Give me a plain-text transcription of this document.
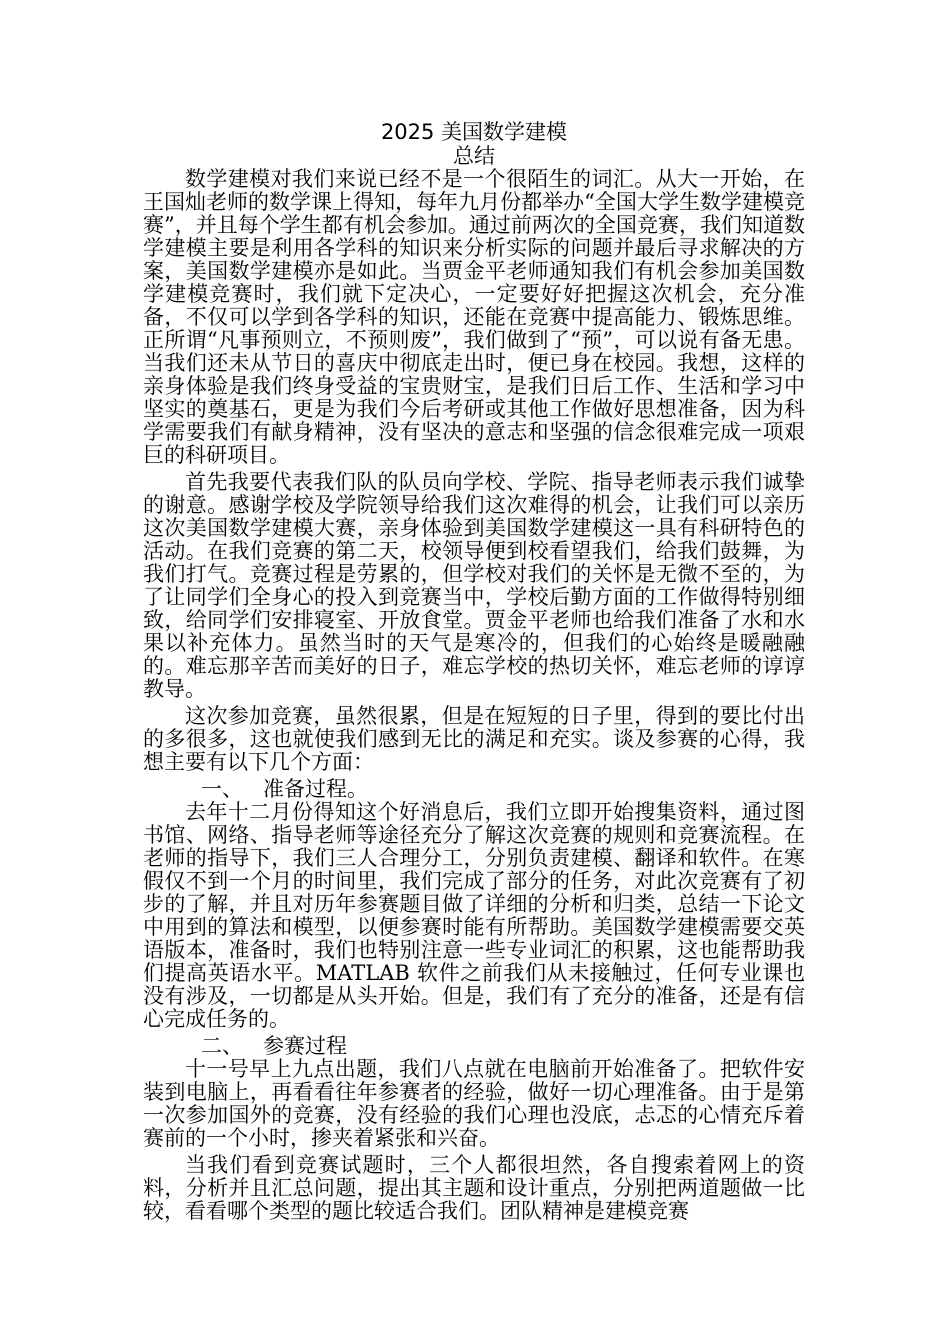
2025 美国数学建模
总结

数学建模对我们来说已经不是一个很陌生的词汇。从大一开始，在王国灿老师的数学课上得知，每年九月份都举办“全国大学生数学建模竞赛”，并且每个学生都有机会参加。通过前两次的全国竞赛，我们知道数学建模主要是利用各学科的知识来分析实际的问题并最后寻求解决的方案，美国数学建模亦是如此。当贾金平老师通知我们有机会参加美国数学建模竞赛时，我们就下定决心，一定要好好把握这次机会，充分准备，不仅可以学到各学科的知识，还能在竞赛中提高能力、锻炼思维。正所谓“凡事预则立，不预则废”，我们做到了“预”，可以说有备无患。当我们还未从节日的喜庆中彻底走出时，便已身在校园。我想，这样的亲身体验是我们终身受益的宝贵财宝，是我们日后工作、生活和学习中坚实的奠基石，更是为我们今后考研或其他工作做好思想准备，因为科学需要我们有献身精神，没有坚决的意志和坚强的信念很难完成一项艰巨的科研项目。

首先我要代表我们队的队员向学校、学院、指导老师表示我们诚挚的谢意。感谢学校及学院领导给我们这次难得的机会，让我们可以亲历这次美国数学建模大赛，亲身体验到美国数学建模这一具有科研特色的活动。在我们竞赛的第二天，校领导便到校看望我们，给我们鼓舞，为我们打气。竞赛过程是劳累的，但学校对我们的关怀是无微不至的，为了让同学们全身心的投入到竞赛当中，学校后勤方面的工作做得特别细致，给同学们安排寝室、开放食堂。贾金平老师也给我们准备了水和水果以补充体力。虽然当时的天气是寒冷的，但我们的心始终是暖融融的。难忘那辛苦而美好的日子，难忘学校的热切关怀，难忘老师的谆谆教导。

这次参加竞赛，虽然很累，但是在短短的日子里，得到的要比付出的多很多，这也就使我们感到无比的满足和充实。谈及参赛的心得，我想主要有以下几个方面：

一、   准备过程。

去年十二月份得知这个好消息后，我们立即开始搜集资料，通过图书馆、网络、指导老师等途径充分了解这次竞赛的规则和竞赛流程。在老师的指导下，我们三人合理分工，分别负责建模、翻译和软件。在寒假仅不到一个月的时间里，我们完成了部分的任务，对此次竞赛有了初步的了解，并且对历年参赛题目做了详细的分析和归类，总结一下论文中用到的算法和模型，以便参赛时能有所帮助。美国数学建模需要交英语版本，准备时，我们也特别注意一些专业词汇的积累，这也能帮助我们提高英语水平。MATLAB 软件之前我们从未接触过，任何专业课也没有涉及，一切都是从头开始。但是，我们有了充分的准备，还是有信心完成任务的。

二、   参赛过程

十一号早上九点出题，我们八点就在电脑前开始准备了。把软件安装到电脑上，再看看往年参赛者的经验，做好一切心理准备。由于是第一次参加国外的竞赛，没有经验的我们心理也没底，忐忑的心情充斥着赛前的一个小时，掺夹着紧张和兴奋。

当我们看到竞赛试题时，三个人都很坦然，各自搜索着网上的资料，分析并且汇总问题，提出其主题和设计重点，分别把两道题做一比较，看看哪个类型的题比较适合我们。团队精神是建模竞赛
